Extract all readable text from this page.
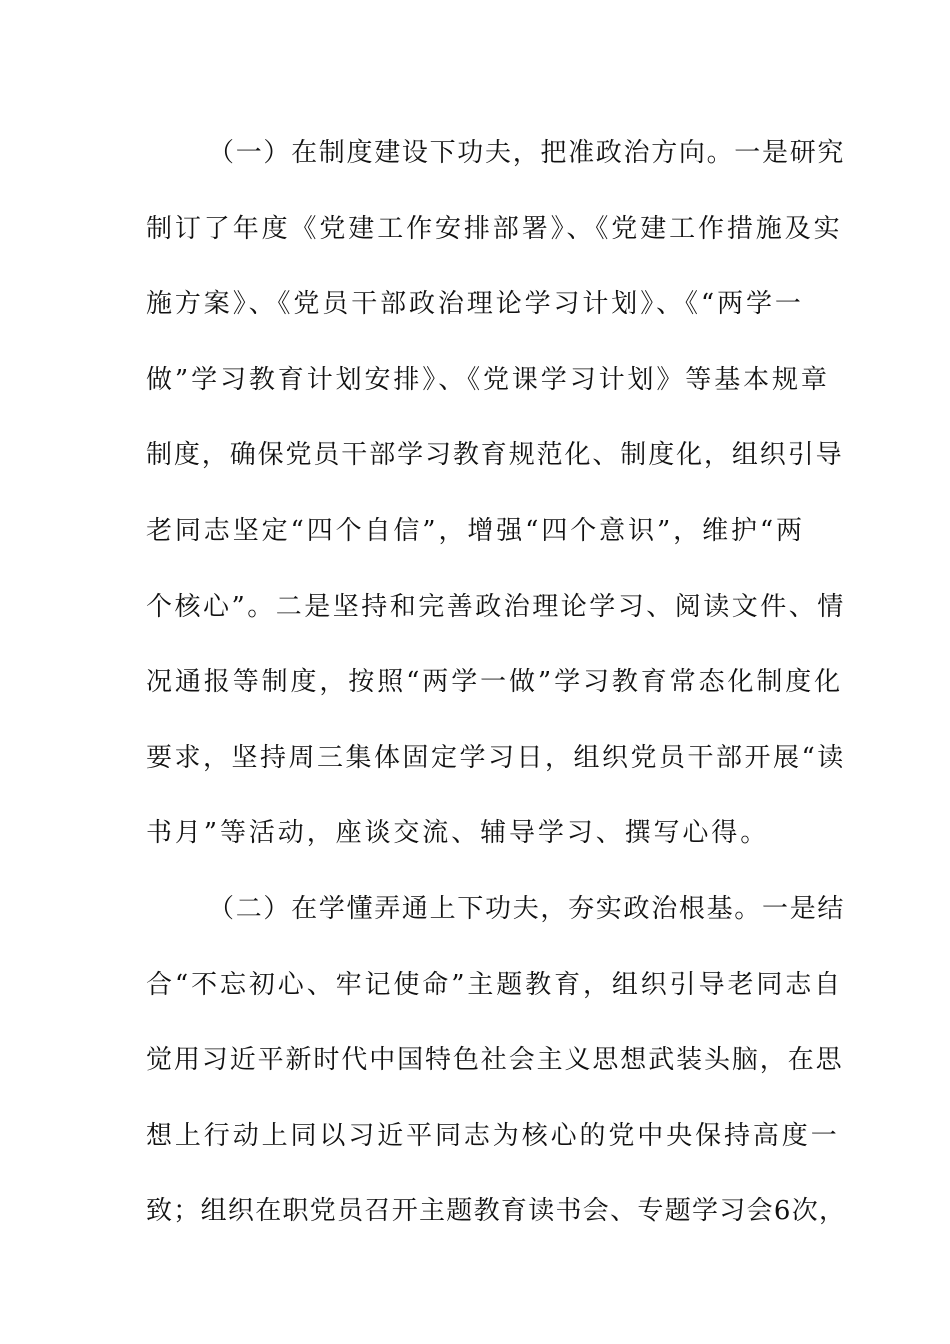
（一）在制度建设下功夫，把准政治方向。一是研究
制订了年度《党建工作安排部署》、《党建工作措施及实
施方案》、《党员干部政治理论学习计划》、《“两学一
做”学习教育计划安排》、《党课学习计划》等基本规章
制度，确保党员干部学习教育规范化、制度化，组织引导
老同志坚定“四个自信”，增强“四个意识”，维护“两
个核心”。二是坚持和完善政治理论学习、阅读文件、情
况通报等制度，按照“两学一做”学习教育常态化制度化
要求，坚持周三集体固定学习日，组织党员干部开展“读
书月”等活动，座谈交流、辅导学习、撰写心得。
（二）在学懂弄通上下功夫，夯实政治根基。一是结
合“不忘初心、牢记使命”主题教育，组织引导老同志自
觉用习近平新时代中国特色社会主义思想武装头脑，在思
想上行动上同以习近平同志为核心的党中央保持高度一
致；组织在职党员召开主题教育读书会、专题学习会6次，
